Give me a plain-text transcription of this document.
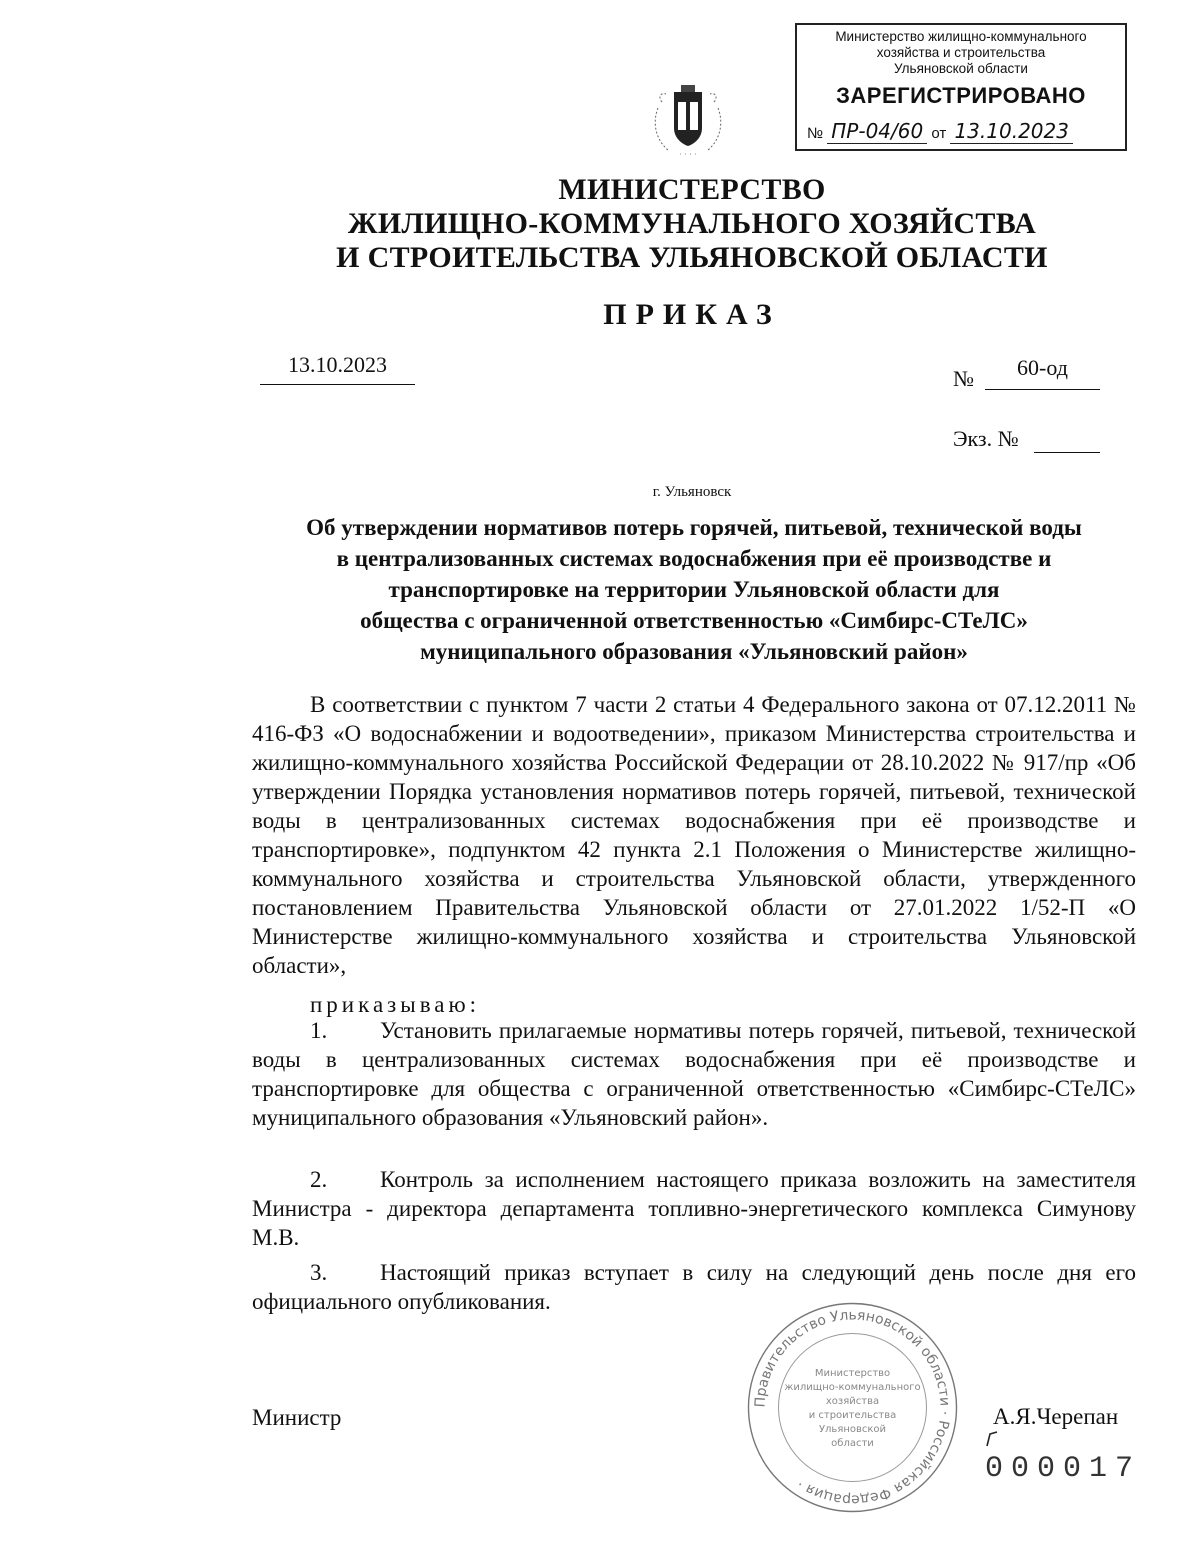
Министерство жилищно-коммунального
хозяйства и строительства
Ульяновской области
ЗАРЕГИСТРИРОВАНО
№ ПР-04/60 от 13.10.2023
· · · ·
МИНИСТЕРСТВО
ЖИЛИЩНО-КОММУНАЛЬНОГО ХОЗЯЙСТВА
И СТРОИТЕЛЬСТВА УЛЬЯНОВСКОЙ ОБЛАСТИ
ПРИКАЗ
13.10.2023
№	60-од
Экз. №
г. Ульяновск
Об утверждении нормативов потерь горячей, питьевой, технической воды
в централизованных системах водоснабжения при её производстве и
транспортировке на территории Ульяновской области для
общества с ограниченной ответственностью «Симбирс-СТеЛС»
муниципального образования «Ульяновский район»
В соответствии с пунктом 7 части 2 статьи 4 Федерального закона от 07.12.2011 № 416-ФЗ «О водоснабжении и водоотведении», приказом Министерства строительства и жилищно-коммунального хозяйства Российской Федерации от 28.10.2022 № 917/пр «Об утверждении Порядка установления нормативов потерь горячей, питьевой, технической воды в централизованных системах водоснабжения при её производстве и транспортировке», подпунктом 42 пункта 2.1 Положения о Министерстве жилищно-коммунального хозяйства и строительства Ульяновской области, утвержденного постановлением Правительства Ульяновской области от 27.01.2022 1/52-П «О Министерстве жилищно-коммунального хозяйства и строительства Ульяновской области»,
приказываю:
1. Установить прилагаемые нормативы потерь горячей, питьевой, технической воды в централизованных системах водоснабжения при её производстве и транспортировке для общества с ограниченной ответственностью «Симбирс-СТеЛС» муниципального образования «Ульяновский район».
2. Контроль за исполнением настоящего приказа возложить на заместителя Министра - директора департамента топливно-энергетического комплекса Симунову М.В.
3. Настоящий приказ вступает в силу на следующий день после дня его официального опубликования.
Правительство Ульяновской области · Российская Федерация ·
Министерство
жилищно-коммунального
хозяйства
и строительства
Ульяновской
области
Министр	А.Я.Черепан
000017
